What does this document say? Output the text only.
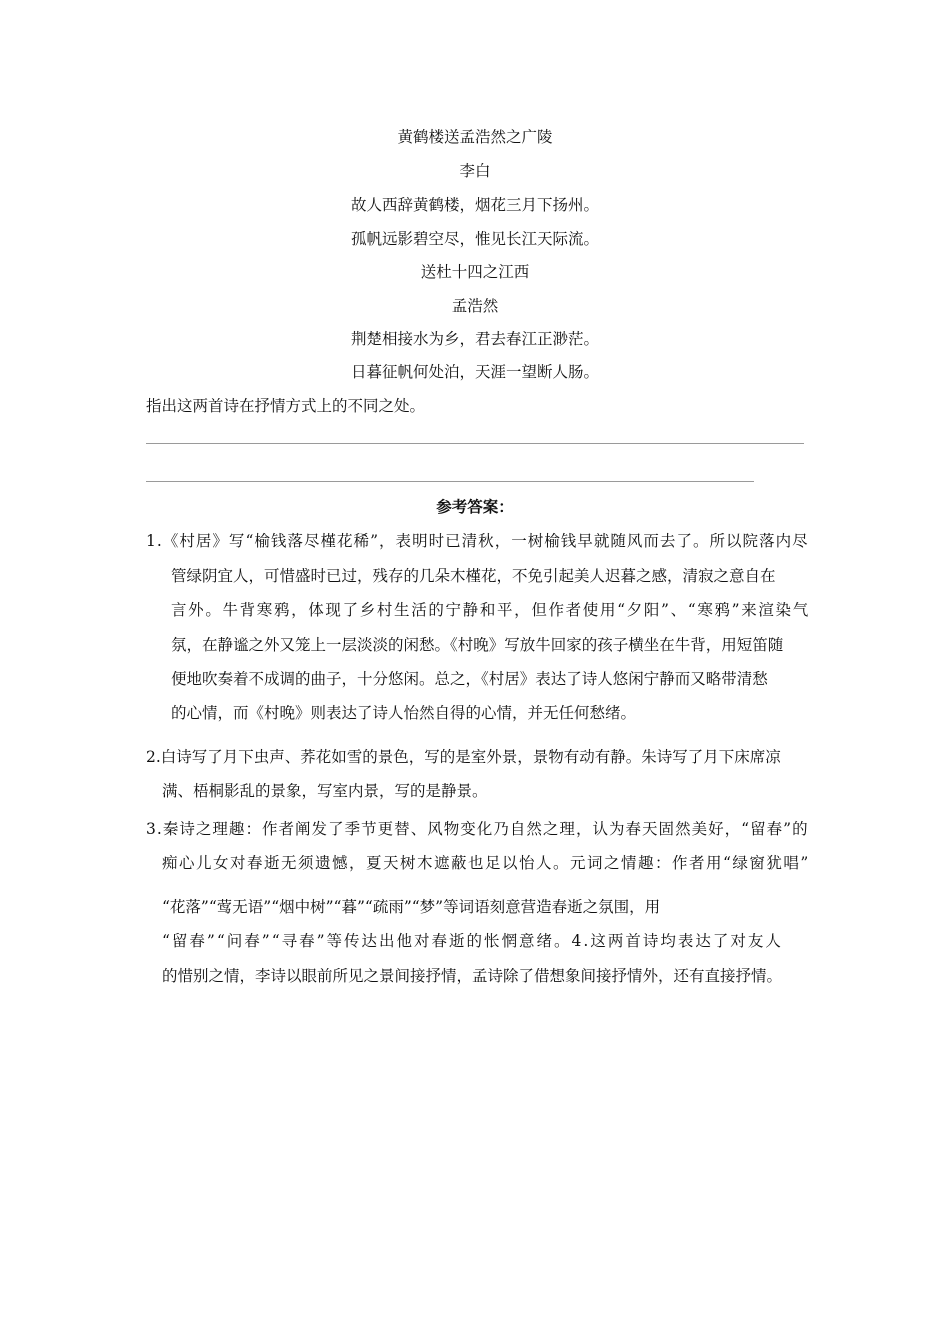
黄鹤楼送孟浩然之广陵
李白
故人西辞黄鹤楼，烟花三月下扬州。
孤帆远影碧空尽，惟见长江天际流。
送杜十四之江西
孟浩然
荆楚相接水为乡，君去春江正渺茫。
日暮征帆何处泊，天涯一望断人肠。
指出这两首诗在抒情方式上的不同之处。
参考答案：
1.《村居》写“榆钱落尽槿花稀”，表明时已清秋，一树榆钱早就随风而去了。所以院落内尽
管绿阴宜人，可惜盛时已过，残存的几朵木槿花，不免引起美人迟暮之感，清寂之意自在
言外。牛背寒鸦，体现了乡村生活的宁静和平，但作者使用“夕阳”、“寒鸦”来渲染气
氛，在静谧之外又笼上一层淡淡的闲愁。《村晚》写放牛回家的孩子横坐在牛背，用短笛随
便地吹奏着不成调的曲子，十分悠闲。总之，《村居》表达了诗人悠闲宁静而又略带清愁
的心情，而《村晚》则表达了诗人怡然自得的心情，并无任何愁绪。
2.白诗写了月下虫声、荞花如雪的景色，写的是室外景，景物有动有静。朱诗写了月下床席凉
满、梧桐影乱的景象，写室内景，写的是静景。
3.秦诗之理趣：作者阐发了季节更替、风物变化乃自然之理，认为春天固然美好，“留春”的
痴心儿女对春逝无须遗憾，夏天树木遮蔽也足以怡人。元词之情趣：作者用“绿窗犹唱”
“花落”“莺无语”“烟中树”“暮”“疏雨”“梦”等词语刻意营造春逝之氛围，用
“留春”“问春”“寻春”等传达出他对春逝的怅惘意绪。4.这两首诗均表达了对友人
的惜别之情，李诗以眼前所见之景间接抒情，孟诗除了借想象间接抒情外，还有直接抒情。
